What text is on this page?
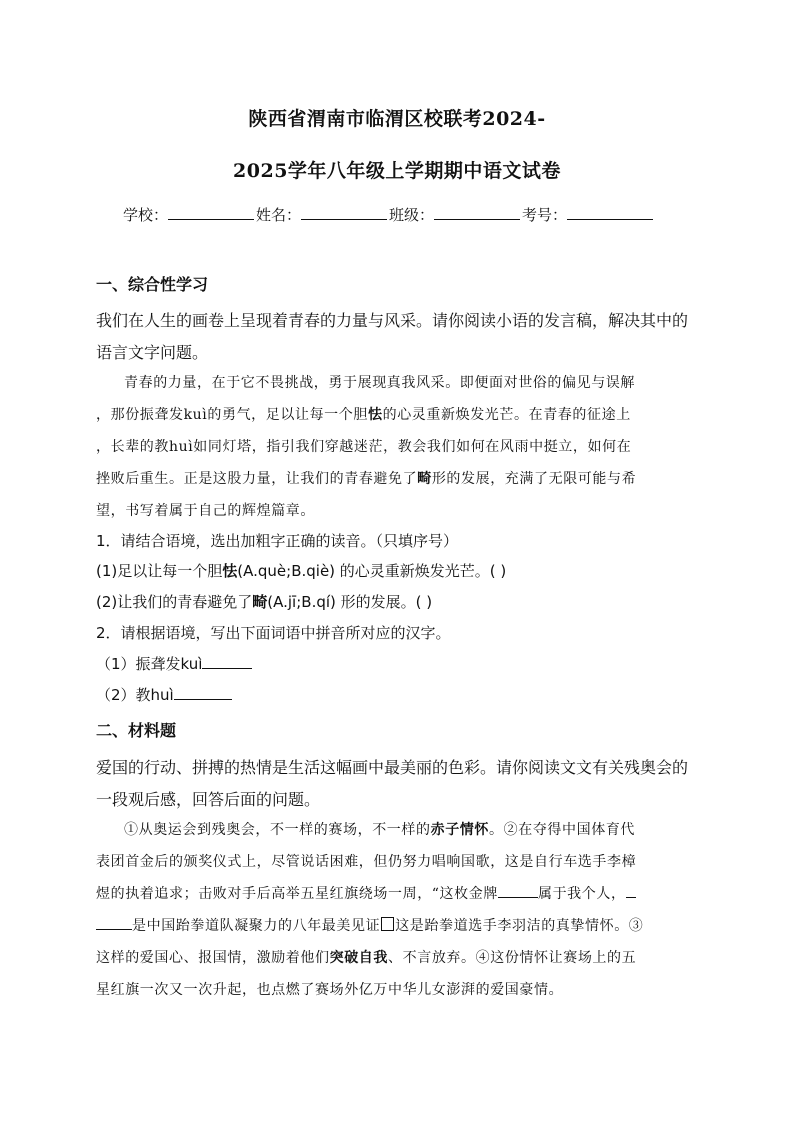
陕西省渭南市临渭区校联考2024-
2025学年八年级上学期期中语文试卷
学校：	姓名：	班级：	考号：
一、综合性学习
我们在人生的画卷上呈现着青春的力量与风采。请你阅读小语的发言稿，解决其中的
语言文字问题。
青春的力量，在于它不畏挑战，勇于展现真我风采。即便面对世俗的偏见与误解
，那份振聋发kuì的勇气，足以让每一个胆怯的心灵重新焕发光芒。在青春的征途上
，长辈的教huì如同灯塔，指引我们穿越迷茫，教会我们如何在风雨中挺立，如何在
挫败后重生。正是这股力量，让我们的青春避免了畸形的发展，充满了无限可能与希
望，书写着属于自己的辉煌篇章。
1．请结合语境，选出加粗字正确的读音。（只填序号）
(1)足以让每一个胆怯(A.què;B.qiè) 的心灵重新焕发光芒。( )
(2)让我们的青春避免了畸(A.jī;B.qí) 形的发展。( )
2．请根据语境，写出下面词语中拼音所对应的汉字。
（1）振聋发kuì
（2）教huì
二、材料题
爱国的行动、拼搏的热情是生活这幅画中最美丽的色彩。请你阅读文文有关残奥会的
一段观后感，回答后面的问题。
①从奥运会到残奥会，不一样的赛场，不一样的赤子情怀。②在夺得中国体育代
表团首金后的颁奖仪式上，尽管说话困难，但仍努力唱响国歌，这是自行车选手李樟
煜的执着追求；击败对手后高举五星红旗绕场一周，“这枚金牌	属于我个人，
是中国跆拳道队凝聚力的八年最美见证 这是跆拳道选手李羽洁的真挚情怀。③
这样的爱国心、报国情，激励着他们突破自我、不言放弃。④这份情怀让赛场上的五
星红旗一次又一次升起，也点燃了赛场外亿万中华儿女澎湃的爱国豪情。
